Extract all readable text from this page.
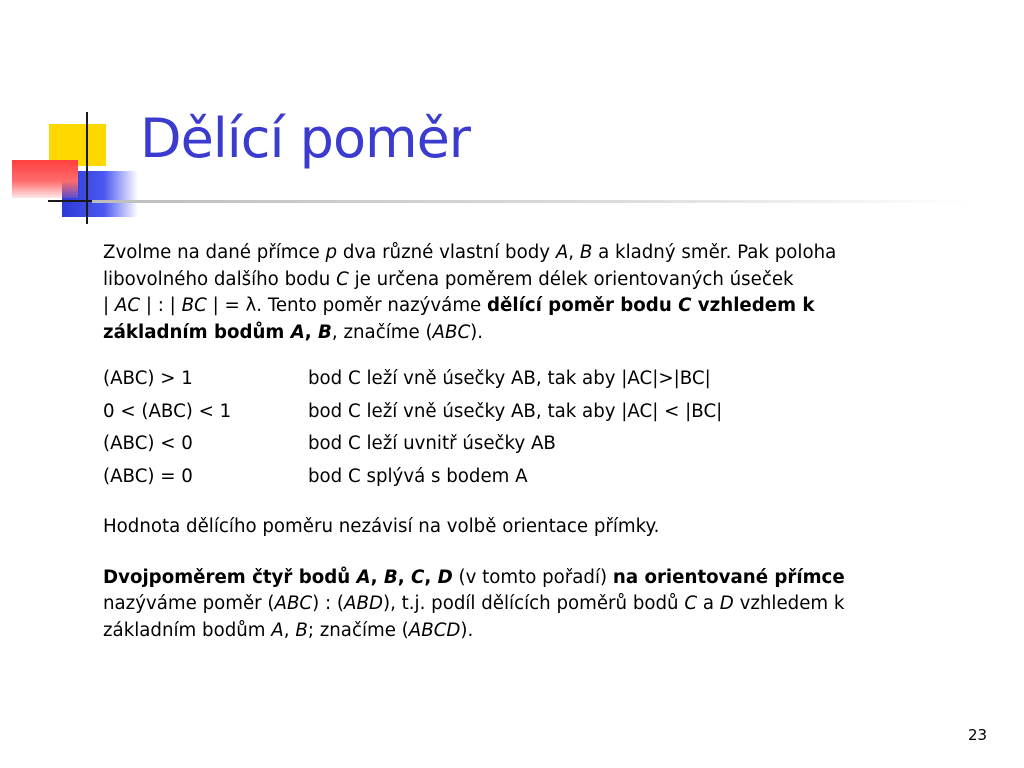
Dělící poměr

Zvolme na dané přímce p dva různé vlastní body A, B a kladný směr. Pak poloha libovolného dalšího bodu C je určena poměrem délek orientovaných úseček
| AC | : | BC | = λ. Tento poměr nazýváme dělící poměr bodu C vzhledem k základním bodům A, B, značíme (ABC).

(ABC) > 1	bod C leží vně úsečky AB, tak aby |AC|>|BC|
0 < (ABC) < 1	bod C leží vně úsečky AB, tak aby |AC| < |BC|
(ABC) < 0	bod C leží uvnitř úsečky AB
(ABC) = 0	bod C splývá s bodem A

Hodnota dělícího poměru nezávisí na volbě orientace přímky.

Dvojpoměrem čtyř bodů A, B, C, D (v tomto pořadí) na orientované přímce nazýváme poměr (ABC) : (ABD), t.j. podíl dělících poměrů bodů C a D vzhledem k základním bodům A, B; značíme (ABCD).

23
